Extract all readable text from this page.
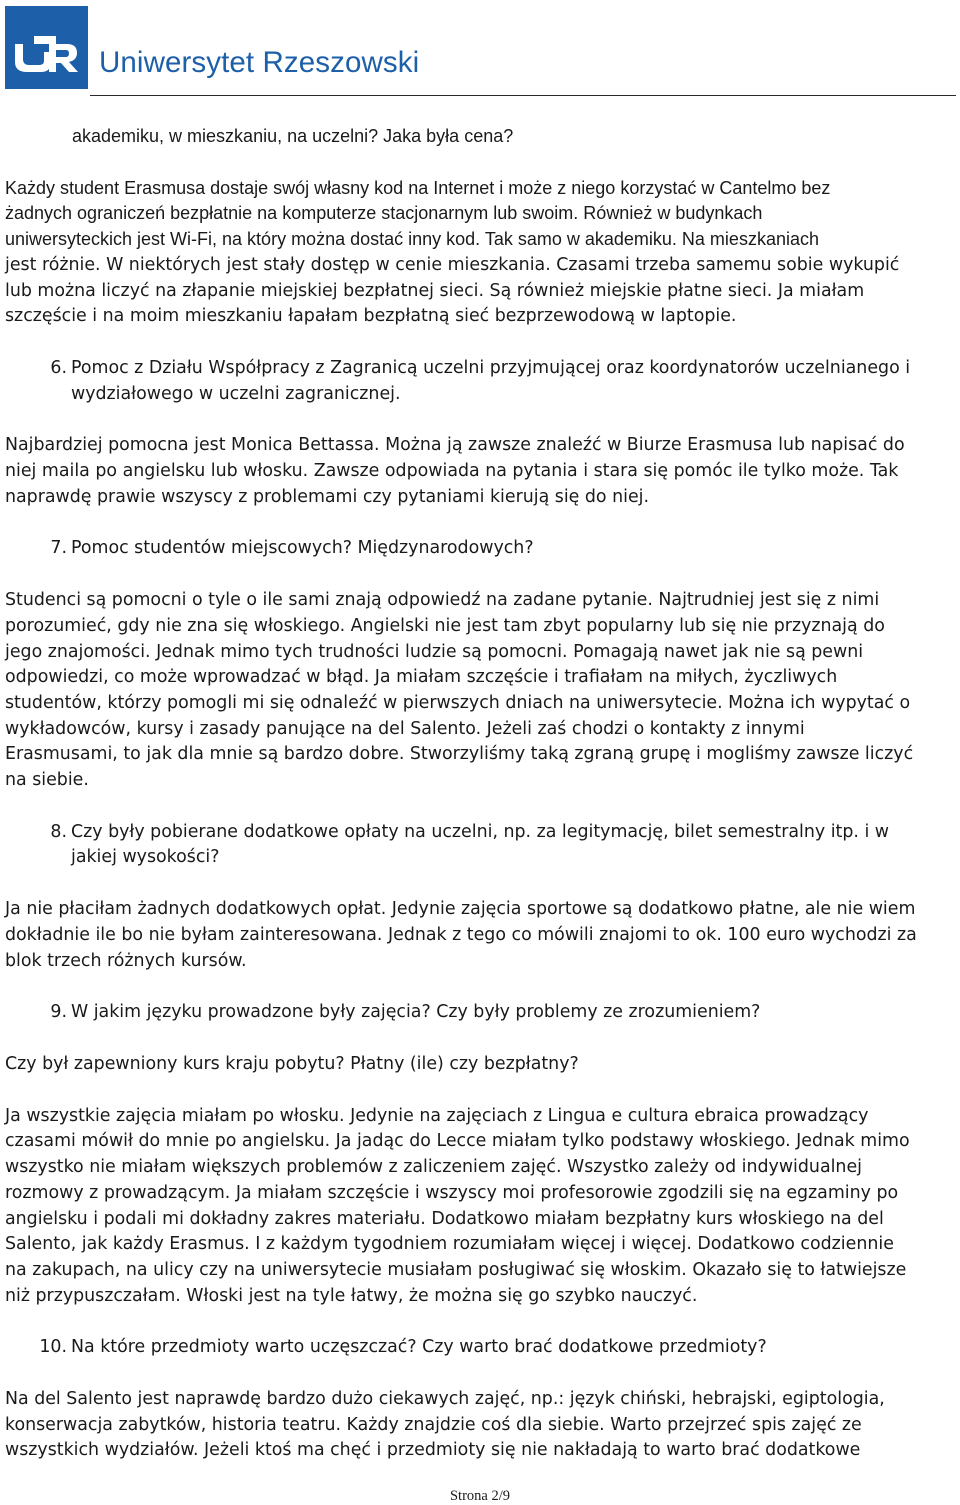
Uniwersytet Rzeszowski

akademiku, w mieszkaniu, na uczelni? Jaka była cena?

Każdy student Erasmusa dostaje swój własny kod na Internet i może z niego korzystać w Cantelmo bez

żadnych ograniczeń bezpłatnie na komputerze stacjonarnym lub swoim. Również w budynkach

uniwersyteckich jest Wi-Fi, na który można dostać inny kod. Tak samo w akademiku. Na mieszkaniach

jest różnie. W niektórych jest stały dostęp w cenie mieszkania. Czasami trzeba samemu sobie wykupić

lub można liczyć na złapanie miejskiej bezpłatnej sieci. Są również miejskie płatne sieci. Ja miałam

szczęście i na moim mieszkaniu łapałam bezpłatną sieć bezprzewodową w laptopie.

6. Pomoc z Działu Współpracy z Zagranicą uczelni przyjmującej oraz koordynatorów uczelnianego i

wydziałowego w uczelni zagranicznej.

Najbardziej pomocna jest Monica Bettassa. Można ją zawsze znaleźć w Biurze Erasmusa lub napisać do

niej maila po angielsku lub włosku. Zawsze odpowiada na pytania i stara się pomóc ile tylko może. Tak

naprawdę prawie wszyscy z problemami czy pytaniami kierują się do niej.

7. Pomoc studentów miejscowych? Międzynarodowych?

Studenci są pomocni o tyle o ile sami znają odpowiedź na zadane pytanie. Najtrudniej jest się z nimi

porozumieć, gdy nie zna się włoskiego. Angielski nie jest tam zbyt popularny lub się nie przyznają do

jego znajomości. Jednak mimo tych trudności ludzie są pomocni. Pomagają nawet jak nie są pewni

odpowiedzi, co może wprowadzać w błąd. Ja miałam szczęście i trafiałam na miłych, życzliwych

studentów, którzy pomogli mi się odnaleźć w pierwszych dniach na uniwersytecie. Można ich wypytać o

wykładowców, kursy i zasady panujące na del Salento. Jeżeli zaś chodzi o kontakty z innymi

Erasmusami, to jak dla mnie są bardzo dobre. Stworzyliśmy taką zgraną grupę i mogliśmy zawsze liczyć

na siebie.

8. Czy były pobierane dodatkowe opłaty na uczelni, np. za legitymację, bilet semestralny itp. i w

jakiej wysokości?

Ja nie płaciłam żadnych dodatkowych opłat. Jedynie zajęcia sportowe są dodatkowo płatne, ale nie wiem

dokładnie ile bo nie byłam zainteresowana. Jednak z tego co mówili znajomi to ok. 100 euro wychodzi za

blok trzech różnych kursów.

9. W jakim języku prowadzone były zajęcia? Czy były problemy ze zrozumieniem?

Czy był zapewniony kurs kraju pobytu? Płatny (ile) czy bezpłatny?

Ja wszystkie zajęcia miałam po włosku. Jedynie na zajęciach z Lingua e cultura ebraica prowadzący

czasami mówił do mnie po angielsku. Ja jadąc do Lecce miałam tylko podstawy włoskiego. Jednak mimo

wszystko nie miałam większych problemów z zaliczeniem zajęć. Wszystko zależy od indywidualnej

rozmowy z prowadzącym. Ja miałam szczęście i wszyscy moi profesorowie zgodzili się na egzaminy po

angielsku i podali mi dokładny zakres materiału. Dodatkowo miałam bezpłatny kurs włoskiego na del

Salento, jak każdy Erasmus. I z każdym tygodniem rozumiałam więcej i więcej. Dodatkowo codziennie

na zakupach, na ulicy czy na uniwersytecie musiałam posługiwać się włoskim. Okazało się to łatwiejsze

niż przypuszczałam. Włoski jest na tyle łatwy, że można się go szybko nauczyć.

10. Na które przedmioty warto uczęszczać? Czy warto brać dodatkowe przedmioty?

Na del Salento jest naprawdę bardzo dużo ciekawych zajęć, np.: język chiński, hebrajski, egiptologia,

konserwacja zabytków, historia teatru. Każdy znajdzie coś dla siebie. Warto przejrzeć spis zajęć ze

wszystkich wydziałów. Jeżeli ktoś ma chęć i przedmioty się nie nakładają to warto brać dodatkowe

Strona 2/9
